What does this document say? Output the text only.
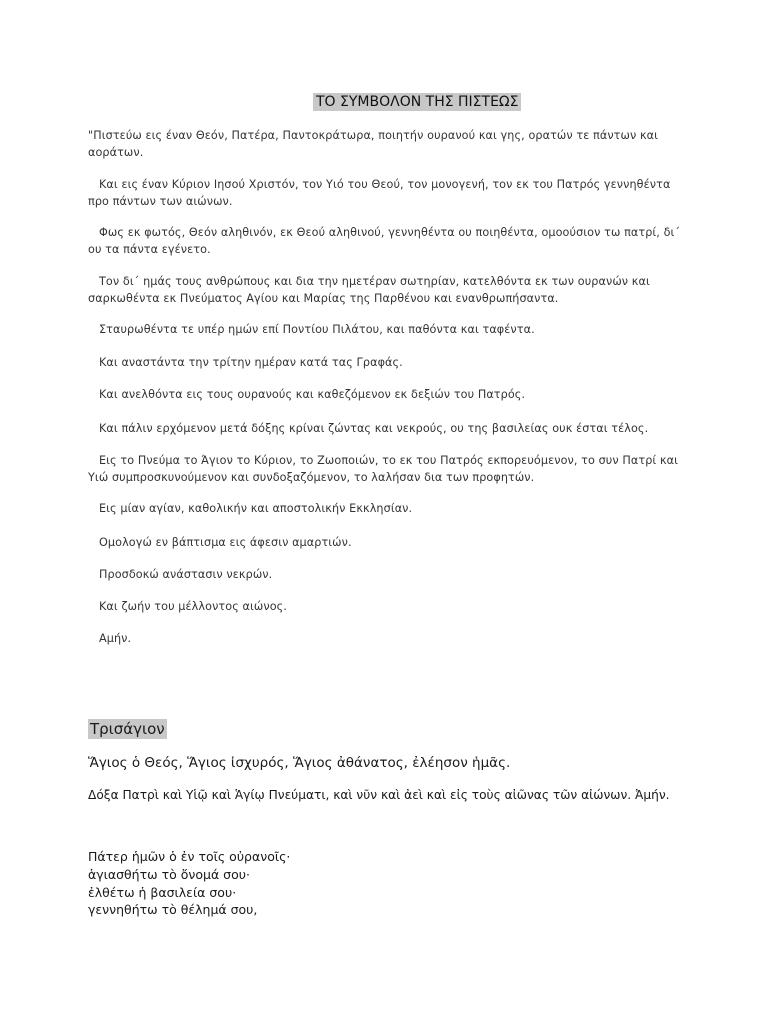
ΤΟ ΣΥΜΒΟΛΟΝ ΤΗΣ ΠΙΣΤΕΩΣ

"Πιστεύω εις έναν Θεόν, Πατέρα, Παντοκράτωρα, ποιητήν ουρανού και γης, ορατών τε πάντων και αοράτων.

Και εις έναν Κύριον Ιησού Χριστόν, τον Υιό του Θεού, τον μονογενή, τον εκ του Πατρός γεννηθέντα προ πάντων των αιώνων.

Φως εκ φωτός, Θεόν αληθινόν, εκ Θεού αληθινού, γεννηθέντα ου ποιηθέντα, ομοούσιον τω πατρί, δι΄ ου τα πάντα εγένετο.

Τον δι΄ ημάς τους ανθρώπους και δια την ημετέραν σωτηρίαν, κατελθόντα εκ των ουρανών και σαρκωθέντα εκ Πνεύματος Αγίου και Μαρίας της Παρθένου και ενανθρωπήσαντα.

Σταυρωθέντα τε υπέρ ημών επί Ποντίου Πιλάτου, και παθόντα και ταφέντα.

Και αναστάντα την τρίτην ημέραν κατά τας Γραφάς.

Και ανελθόντα εις τους ουρανούς και καθεζόμενον εκ δεξιών του Πατρός.

Και πάλιν ερχόμενον μετά δόξης κρίναι ζώντας και νεκρούς, ου της βασιλείας ουκ έσται τέλος.

Εις το Πνεύμα το Άγιον το Κύριον, το Ζωοποιών, το εκ του Πατρός εκπορευόμενον, το συν Πατρί και Υιώ συμπροσκυνούμενον και συνδοξαζόμενον, το λαλήσαν δια των προφητών.

Εις μίαν αγίαν, καθολικήν και αποστολικήν Εκκλησίαν.

Ομολογώ εν βάπτισμα εις άφεσιν αμαρτιών.

Προσδοκώ ανάστασιν νεκρών.

Και ζωήν του μέλλοντος αιώνος.

Αμήν.

Τρισάγιον

Ἅγιος ὁ Θεός, Ἅγιος ἰσχυρός, Ἅγιος ἀθάνατος, ἐλέησον ἡμᾶς.

Δόξα Πατρὶ καὶ Υἱῷ καὶ Ἁγίῳ Πνεύματι, καὶ νῦν καὶ ἀεὶ καὶ εἰς τοὺς αἰῶνας τῶν αἰώνων. Ἀμήν.

Πάτερ ἡμῶν ὁ ἐν τοῖς οὐρανοῖς·

ἁγιασθήτω τὸ ὄνομά σου·

ἐλθέτω ἡ βασιλεία σου·

γεννηθήτω τὸ θέλημά σου,
